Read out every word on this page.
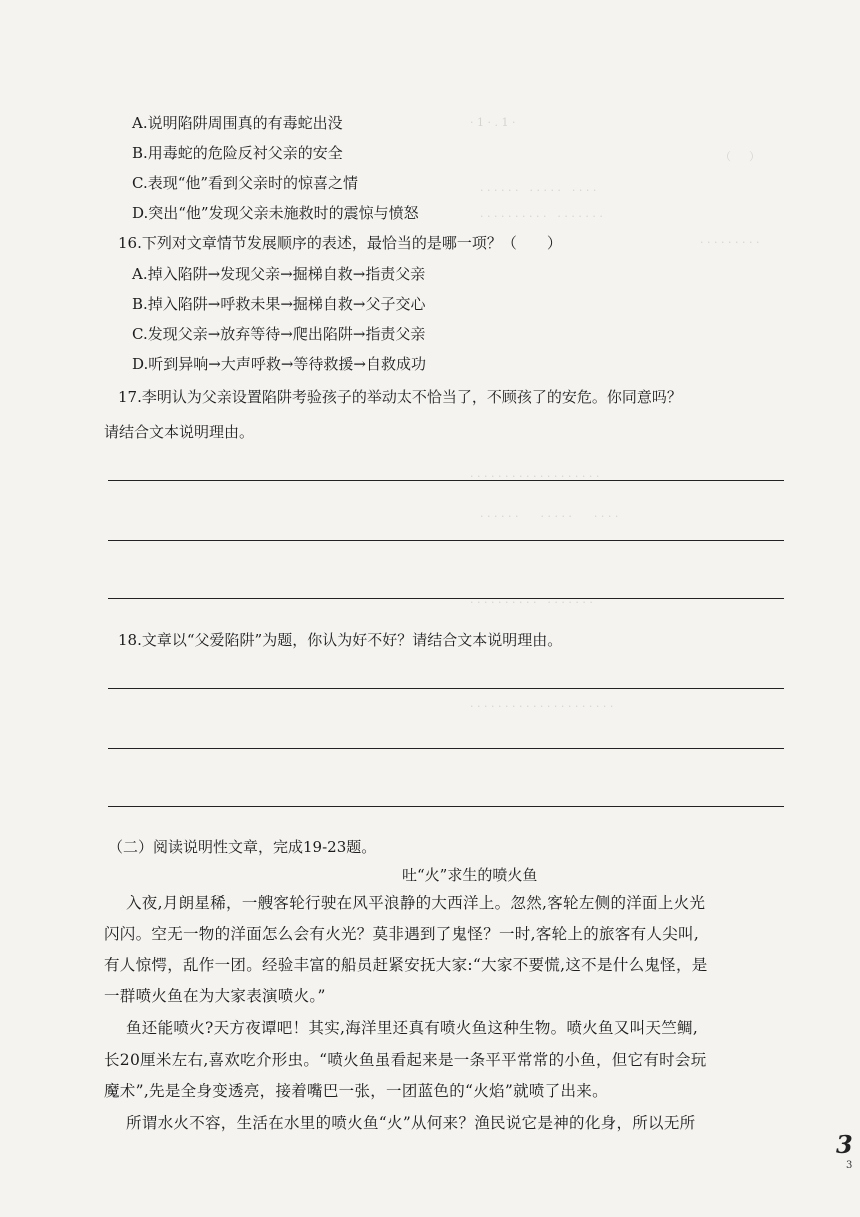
· 1 · . 1 ·
（ 　 ）
· · · · · ·　· · · · ·　· · · ·
· · · · · · · · · ·　· · · · · · ·
· · · · · · · · ·
· · · · · · · · · · · · · · · · · · ·
· · · · · ·　　· · · · ·　　· · · ·
· · · · · · · · · ·　· · · · · · ·
· · · · · · · · · · · · · · · · · · · · ·
A.说明陷阱周围真的有毒蛇出没
B.用毒蛇的危险反衬父亲的安全
C.表现“他”看到父亲时的惊喜之情
D.突出“他”发现父亲未施救时的震惊与愤怒
16.下列对文章情节发展顺序的表述，最恰当的是哪一项？（　　）
A.掉入陷阱→发现父亲→掘梯自救→指责父亲
B.掉入陷阱→呼救未果→掘梯自救→父子交心
C.发现父亲→放弃等待→爬出陷阱→指责父亲
D.听到异响→大声呼救→等待救援→自救成功
17.李明认为父亲设置陷阱考验孩子的举动太不恰当了，不顾孩了的安危。你同意吗？
请结合文本说明理由。
18.文章以“父爱陷阱”为题，你认为好不好？请结合文本说明理由。
（二）阅读说明性文章，完成19-23题。
吐“火”求生的喷火鱼
入夜,月朗星稀，一艘客轮行驶在风平浪静的大西洋上。忽然,客轮左侧的洋面上火光
闪闪。空无一物的洋面怎么会有火光？莫非遇到了鬼怪？一时,客轮上的旅客有人尖叫,
有人惊愕，乱作一团。经验丰富的船员赶紧安抚大家:“大家不要慌,这不是什么鬼怪，是
一群喷火鱼在为大家表演喷火。”
鱼还能喷火?天方夜谭吧！其实,海洋里还真有喷火鱼这种生物。喷火鱼又叫天竺鲷,
长20厘米左右,喜欢吃介形虫。“喷火鱼虽看起来是一条平平常常的小鱼，但它有时会玩
魔术”,先是全身变透亮，接着嘴巴一张，一团蓝色的“火焰”就喷了出来。
所谓水火不容，生活在水里的喷火鱼“火”从何来？渔民说它是神的化身，所以无所
3
3
